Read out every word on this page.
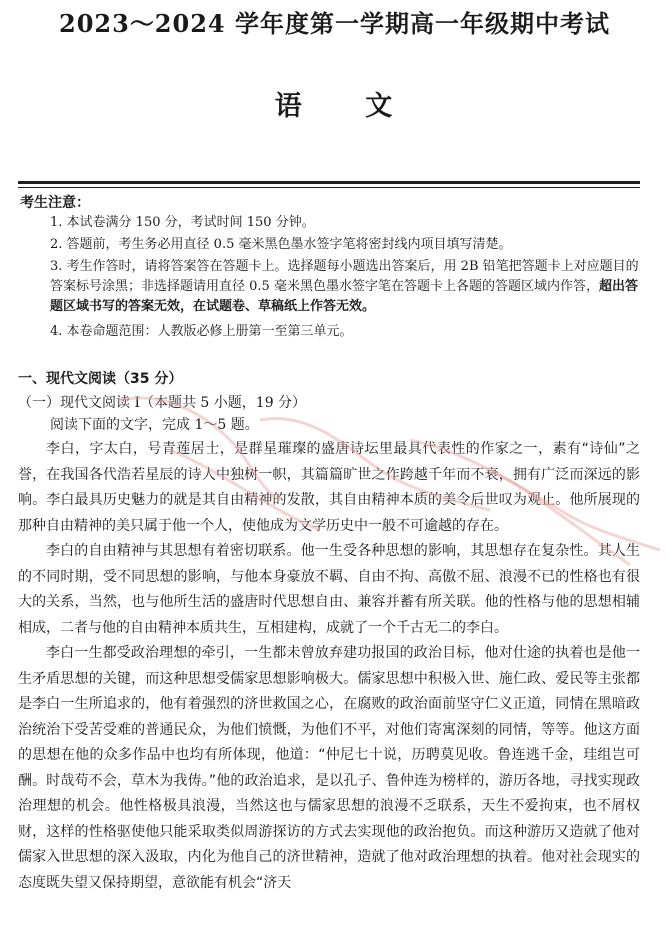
2023～2024 学年度第一学期高一年级期中考试
语 文
考生注意：
1. 本试卷满分 150 分，考试时间 150 分钟。
2. 答题前，考生务必用直径 0.5 毫米黑色墨水签字笔将密封线内项目填写清楚。
3. 考生作答时，请将答案答在答题卡上。选择题每小题选出答案后，用 2B 铅笔把答题卡上对应题目的答案标号涂黑；非选择题请用直径 0.5 毫米黑色墨水签字笔在答题卡上各题的答题区域内作答，超出答题区域书写的答案无效，在试题卷、草稿纸上作答无效。
4. 本卷命题范围：人教版必修上册第一至第三单元。
一、现代文阅读（35 分）
（一）现代文阅读 Ⅰ（本题共 5 小题，19 分）
阅读下面的文字，完成 1～5 题。

李白，字太白，号青莲居士，是群星璀璨的盛唐诗坛里最具代表性的作家之一，素有“诗仙”之誉，在我国各代浩若星辰的诗人中独树一帜，其篇篇旷世之作跨越千年而不衰，拥有广泛而深远的影响。李白最具历史魅力的就是其自由精神的发散，其自由精神本质的美令后世叹为观止。他所展现的那种自由精神的美只属于他一个人，使他成为文学历史中一般不可逾越的存在。

李白的自由精神与其思想有着密切联系。他一生受各种思想的影响，其思想存在复杂性。其人生的不同时期，受不同思想的影响，与他本身豪放不羁、自由不拘、高傲不屈、浪漫不已的性格也有很大的关系，当然，也与他所生活的盛唐时代思想自由、兼容并蓄有所关联。他的性格与他的思想相辅相成，二者与他的自由精神本质共生，互相建构，成就了一个千古无二的李白。

李白一生都受政治理想的牵引，一生都未曾放弃建功报国的政治目标，他对仕途的执着也是他一生矛盾思想的关键，而这种思想受儒家思想影响极大。儒家思想中积极入世、施仁政、爱民等主张都是李白一生所追求的，他有着强烈的济世救国之心，在腐败的政治面前坚守仁义正道，同情在黑暗政治统治下受苦受难的普通民众，为他们愤慨，为他们不平，对他们寄寓深刻的同情，等等。他这方面的思想在他的众多作品中也均有所体现，他道：“仲尼七十说，历聘莫见收。鲁连逃千金，珪组岂可酬。时哉苟不会，草木为我俦。”他的政治追求，是以孔子、鲁仲连为榜样的，游历各地，寻找实现政治理想的机会。他性格极具浪漫，当然这也与儒家思想的浪漫不乏联系，天生不爱拘束，也不屑权财，这样的性格驱使他只能采取类似周游探访的方式去实现他的政治抱负。而这种游历又造就了他对儒家入世思想的深入汲取，内化为他自己的济世精神，造就了他对政治理想的执着。他对社会现实的态度既失望又保持期望，意欲能有机会“济天
